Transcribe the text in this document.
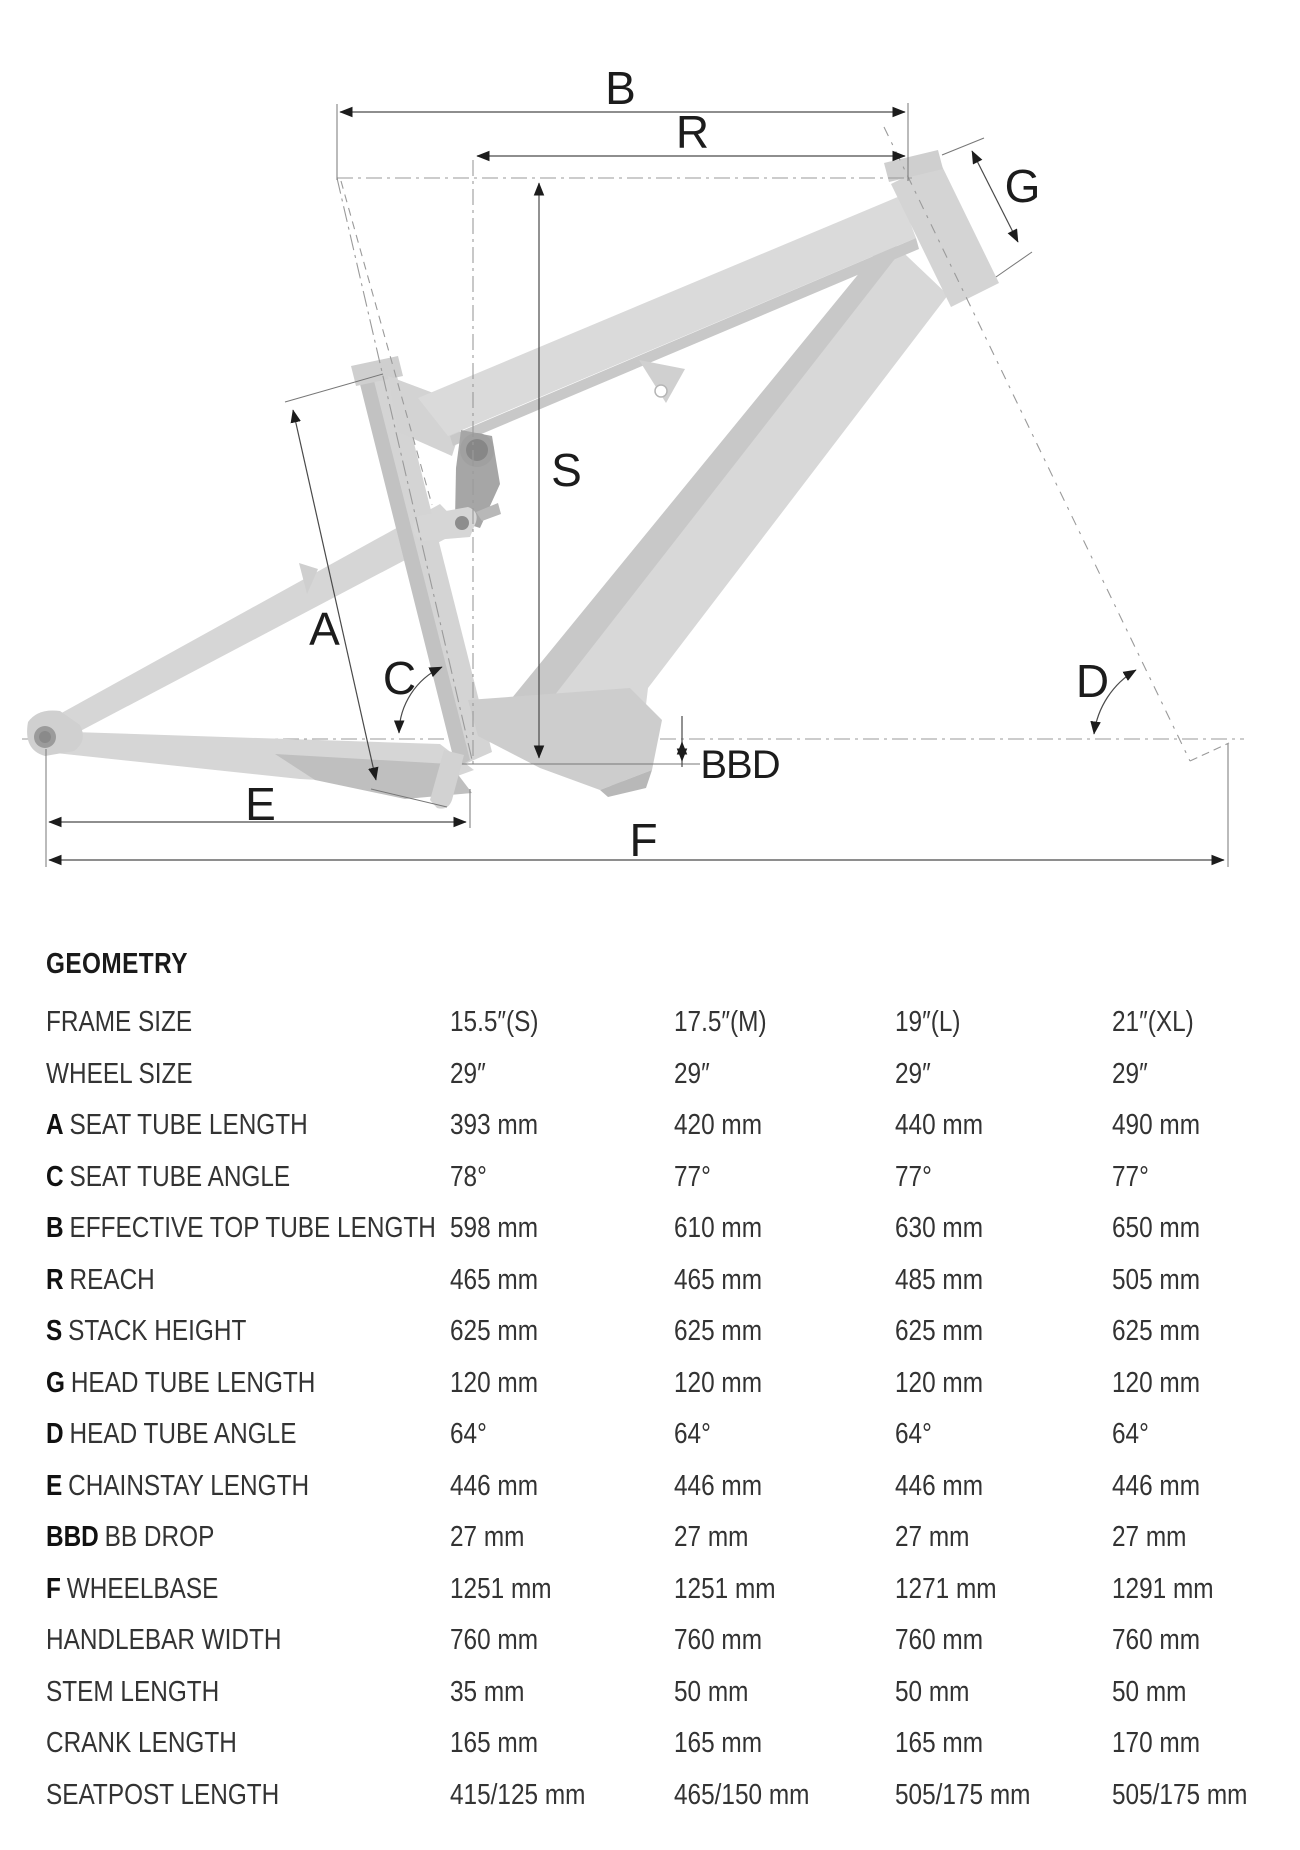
B
R
G
S
A
C	D
E
F
BBD
GEOMETRY
FRAME SIZE	15.5″(S)	17.5″(M)	19″(L)	21″(XL)
WHEEL SIZE	29″	29″	29″	29″
A SEAT TUBE LENGTH	393 mm	420 mm	440 mm	490 mm
C SEAT TUBE ANGLE	78°	77°	77°	77°
B EFFECTIVE TOP TUBE LENGTH 598 mm	610 mm	630 mm	650 mm
R REACH	465 mm	465 mm	485 mm	505 mm
S STACK HEIGHT	625 mm	625 mm	625 mm	625 mm
G HEAD TUBE LENGTH	120 mm	120 mm	120 mm	120 mm
D HEAD TUBE ANGLE	64°	64°	64°	64°
E CHAINSTAY LENGTH	446 mm	446 mm	446 mm	446 mm
BBD BB DROP	27 mm	27 mm	27 mm	27 mm
F WHEELBASE	1251 mm	1251 mm	1271 mm	1291 mm
HANDLEBAR WIDTH	760 mm	760 mm	760 mm	760 mm
STEM LENGTH	35 mm	50 mm	50 mm	50 mm
CRANK LENGTH	165 mm	165 mm	165 mm	170 mm
SEATPOST LENGTH	415/125 mm	465/150 mm	505/175 mm	505/175 mm
